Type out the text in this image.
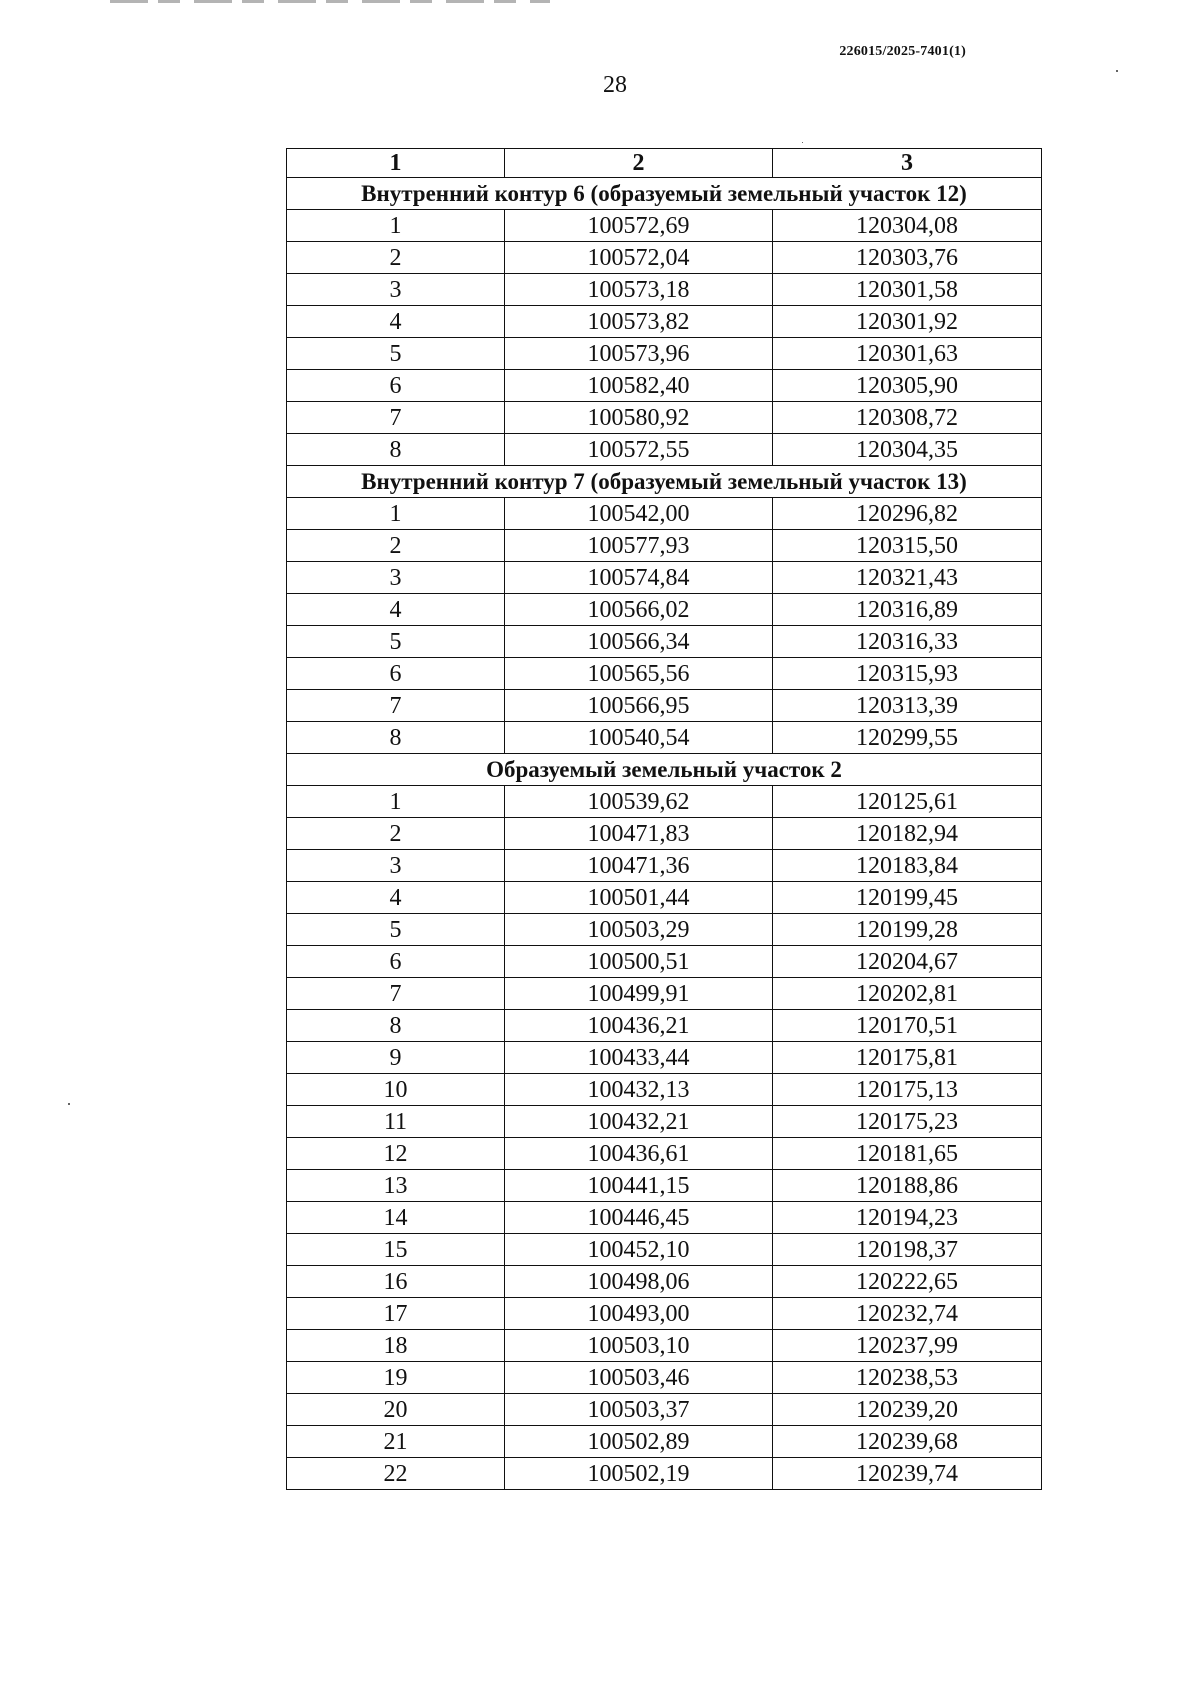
226015/2025-7401(1)
28
1	2	3
Внутренний контур 6 (образуемый земельный участок 12)		
1	100572,69	120304,08
2	100572,04	120303,76
3	100573,18	120301,58
4	100573,82	120301,92
5	100573,96	120301,63
6	100582,40	120305,90
7	100580,92	120308,72
8	100572,55	120304,35
Внутренний контур 7 (образуемый земельный участок 13)		
1	100542,00	120296,82
2	100577,93	120315,50
3	100574,84	120321,43
4	100566,02	120316,89
5	100566,34	120316,33
6	100565,56	120315,93
7	100566,95	120313,39
8	100540,54	120299,55
Образуемый земельный участок 2		
1	100539,62	120125,61
2	100471,83	120182,94
3	100471,36	120183,84
4	100501,44	120199,45
5	100503,29	120199,28
6	100500,51	120204,67
7	100499,91	120202,81
8	100436,21	120170,51
9	100433,44	120175,81
10	100432,13	120175,13
11	100432,21	120175,23
12	100436,61	120181,65
13	100441,15	120188,86
14	100446,45	120194,23
15	100452,10	120198,37
16	100498,06	120222,65
17	100493,00	120232,74
18	100503,10	120237,99
19	100503,46	120238,53
20	100503,37	120239,20
21	100502,89	120239,68
22	100502,19	120239,74
